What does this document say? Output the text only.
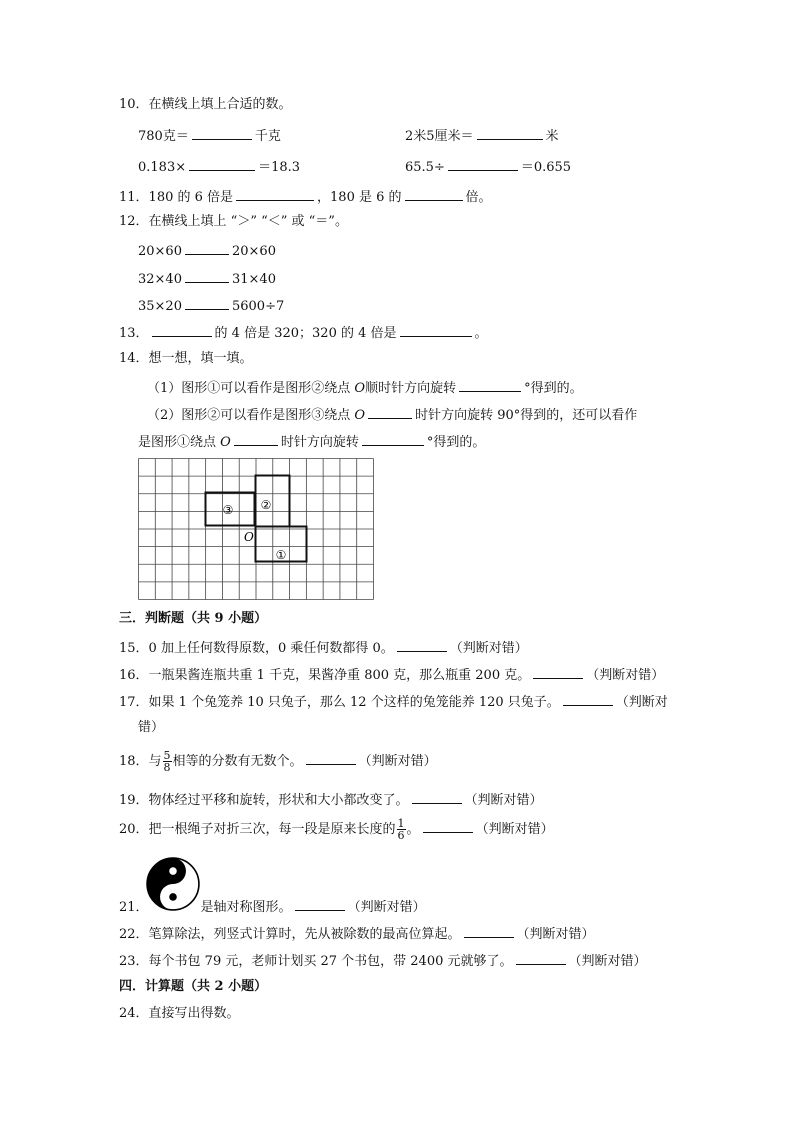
10．在横线上填上合适的数。
780克＝	千克	2米5厘米＝	米
0.183×	＝18.3	65.5÷	＝0.655
11．180 的 6 倍是	，180 是 6 的	倍。
12．在横线上填上 “＞” “＜” 或 “＝”。
20×60	20×60
32×40	31×40
35×20	5600÷7
13．	的 4 倍是 320；320 的 4 倍是	。
14．想一想，填一填。
（1）图形①可以看作是图形②绕点 O顺时针方向旋转	°得到的。
（2）图形②可以看作是图形③绕点 O	时针方向旋转 90°得到的，还可以看作
是图形①绕点 O	时针方向旋转	°得到的。
③ ②
①
O
三．判断题（共 9 小题）
15．0 加上任何数得原数，0 乘任何数都得 0。	（判断对错）
16．一瓶果酱连瓶共重 1 千克，果酱净重 800 克，那么瓶重 200 克。	（判断对错）
17．如果 1 个兔笼养 10 只兔子，那么 12 个这样的兔笼能养 120 只兔子。	（判断对
错）
18．与 $\frac{5}{8}$ 相等的分数有无数个。	（判断对错）
19．物体经过平移和旋转，形状和大小都改变了。	（判断对错）
20．把一根绳子对折三次，每一段是原来长度的 $\frac{1}{6}$ 。	（判断对错）
21．	是轴对称图形。	（判断对错）
22．笔算除法，列竖式计算时，先从被除数的最高位算起。	（判断对错）
23．每个书包 79 元，老师计划买 27 个书包，带 2400 元就够了。	（判断对错）
四．计算题（共 2 小题）
24．直接写出得数。
